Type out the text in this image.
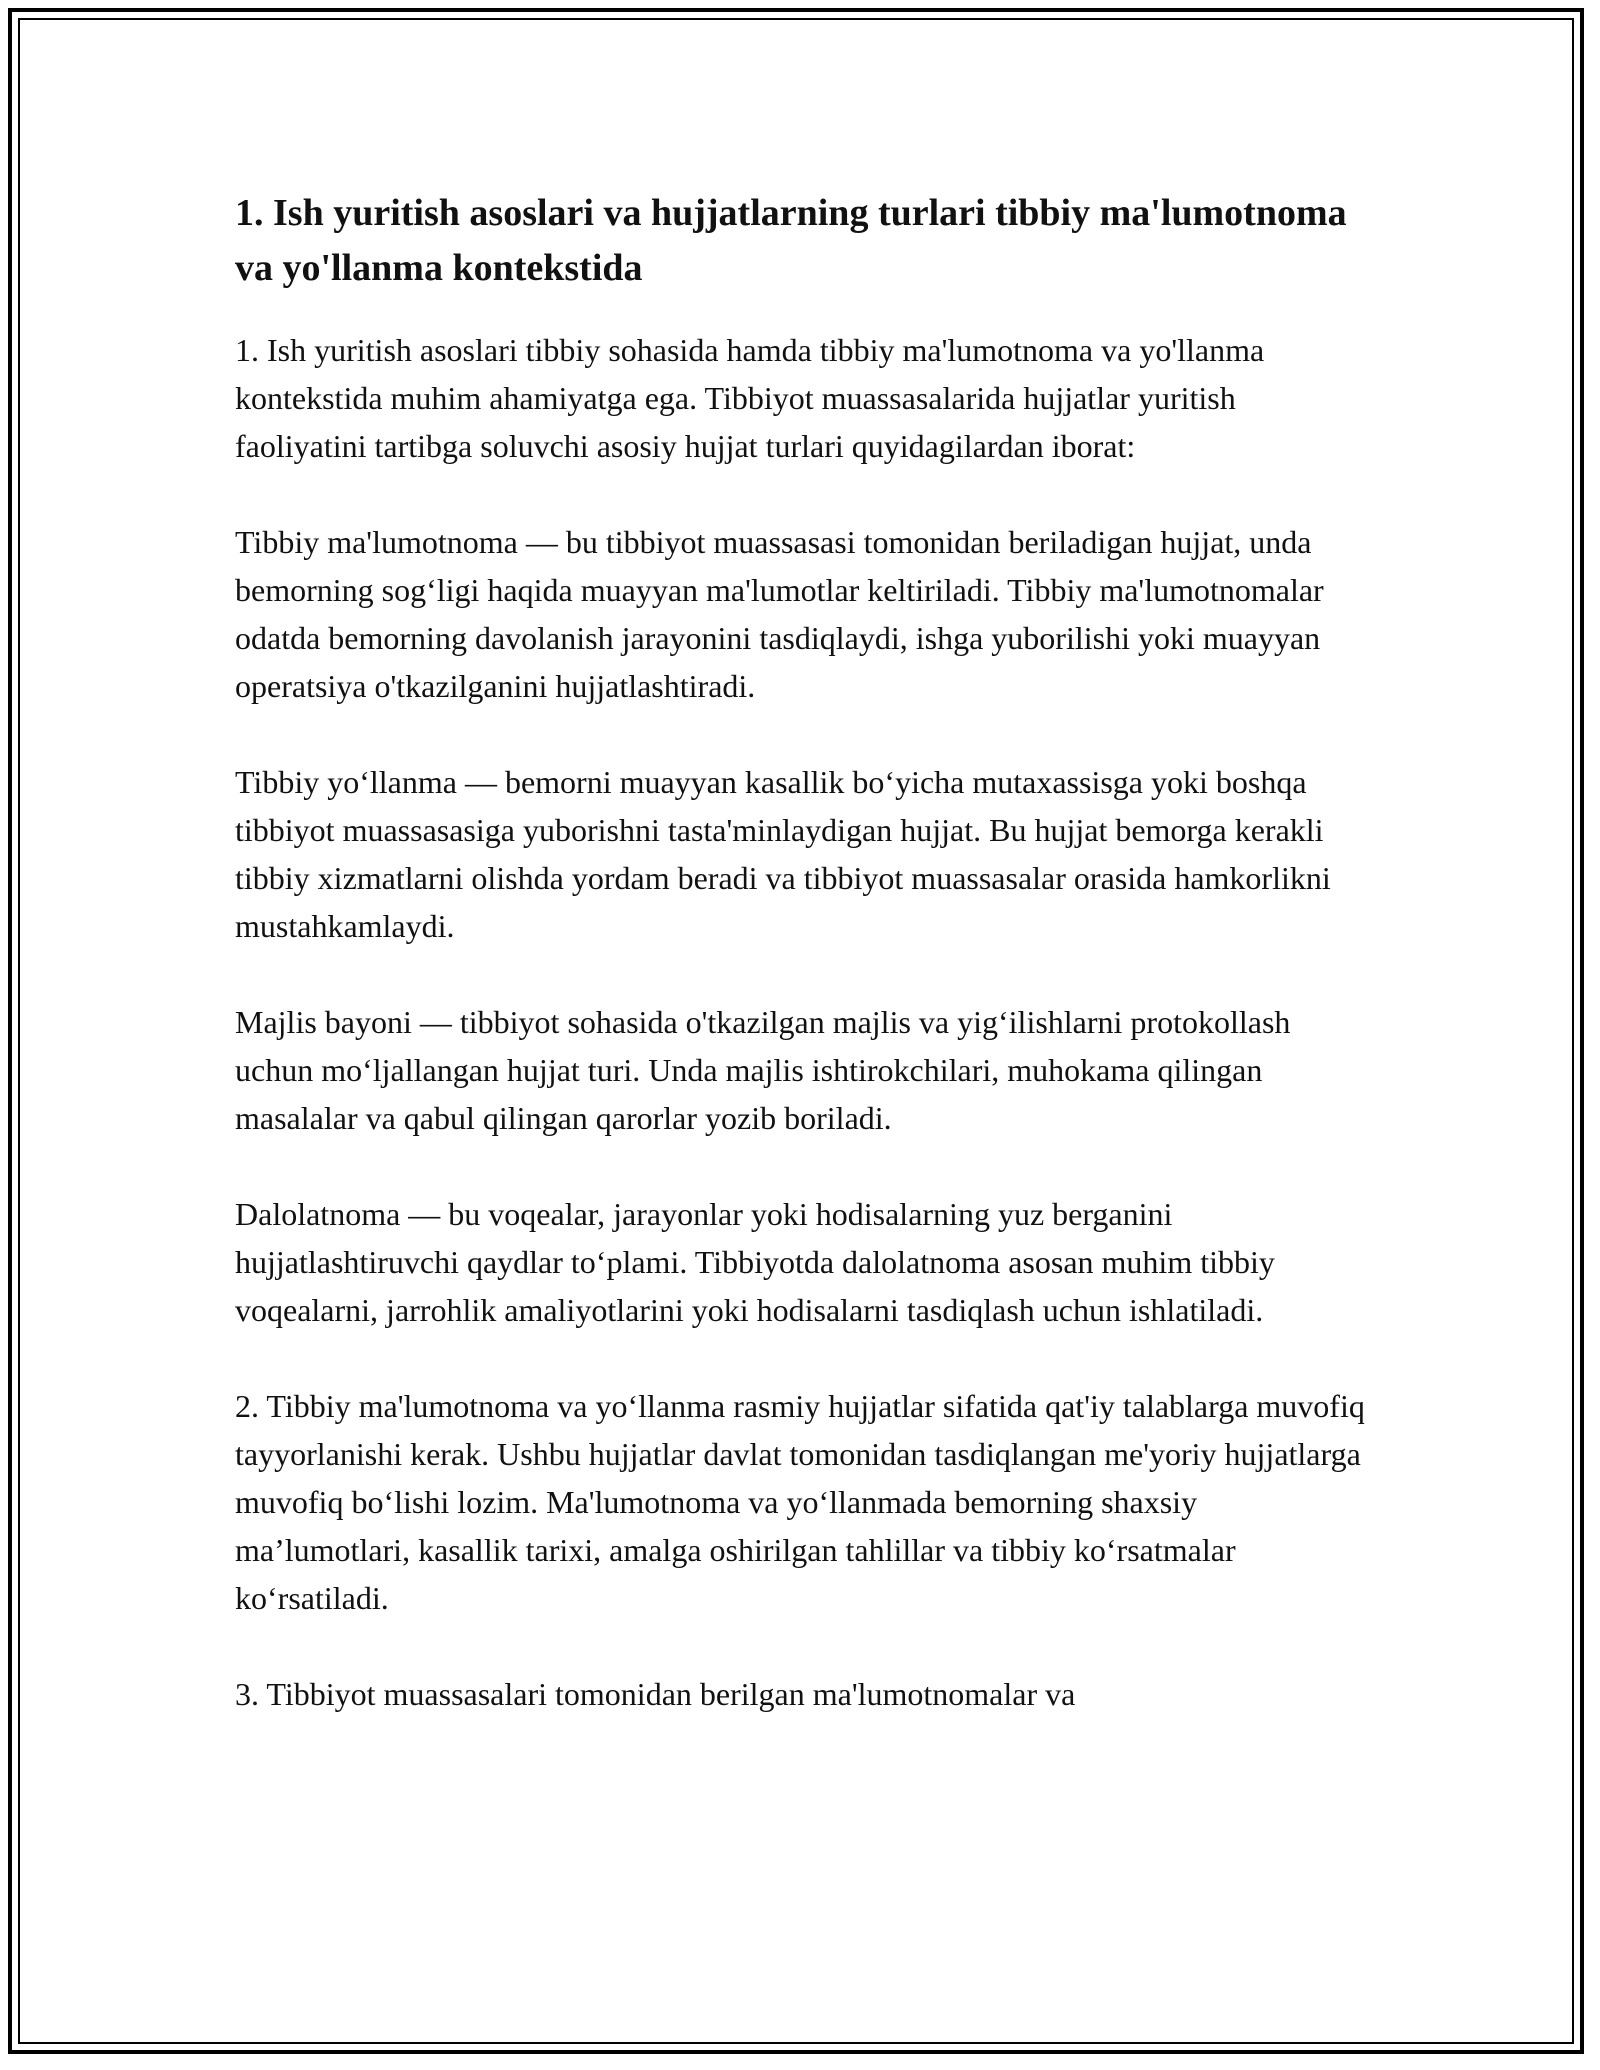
1. Ish yuritish asoslari va hujjatlarning turlari tibbiy ma'lumotnoma va yo'llanma kontekstida

1. Ish yuritish asoslari tibbiy sohasida hamda tibbiy ma'lumotnoma va yo'llanma kontekstida muhim ahamiyatga ega. Tibbiyot muassasalarida hujjatlar yuritish faoliyatini tartibga soluvchi asosiy hujjat turlari quyidagilardan iborat:

Tibbiy ma'lumotnoma — bu tibbiyot muassasasi tomonidan beriladigan hujjat, unda bemorning sog‘ligi haqida muayyan ma'lumotlar keltiriladi. Tibbiy ma'lumotnomalar odatda bemorning davolanish jarayonini tasdiqlaydi, ishga yuborilishi yoki muayyan operatsiya o'tkazilganini hujjatlashtiradi.

Tibbiy yo‘llanma — bemorni muayyan kasallik bo‘yicha mutaxassisga yoki boshqa tibbiyot muassasasiga yuborishni tasta'minlaydigan hujjat. Bu hujjat bemorga kerakli tibbiy xizmatlarni olishda yordam beradi va tibbiyot muassasalar orasida hamkorlikni mustahkamlaydi.

Majlis bayoni — tibbiyot sohasida o'tkazilgan majlis va yig‘ilishlarni protokollash uchun mo‘ljallangan hujjat turi. Unda majlis ishtirokchilari, muhokama qilingan masalalar va qabul qilingan qarorlar yozib boriladi.

Dalolatnoma — bu voqealar, jarayonlar yoki hodisalarning yuz berganini hujjatlashtiruvchi qaydlar to‘plami. Tibbiyotda dalolatnoma asosan muhim tibbiy voqealarni, jarrohlik amaliyotlarini yoki hodisalarni tasdiqlash uchun ishlatiladi.

2. Tibbiy ma'lumotnoma va yo‘llanma rasmiy hujjatlar sifatida qat'iy talablarga muvofiq tayyorlanishi kerak. Ushbu hujjatlar davlat tomonidan tasdiqlangan me'yoriy hujjatlarga muvofiq bo‘lishi lozim. Ma'lumotnoma va yo‘llanmada bemorning shaxsiy ma’lumotlari, kasallik tarixi, amalga oshirilgan tahlillar va tibbiy ko‘rsatmalar ko‘rsatiladi.

3. Tibbiyot muassasalari tomonidan berilgan ma'lumotnomalar va
